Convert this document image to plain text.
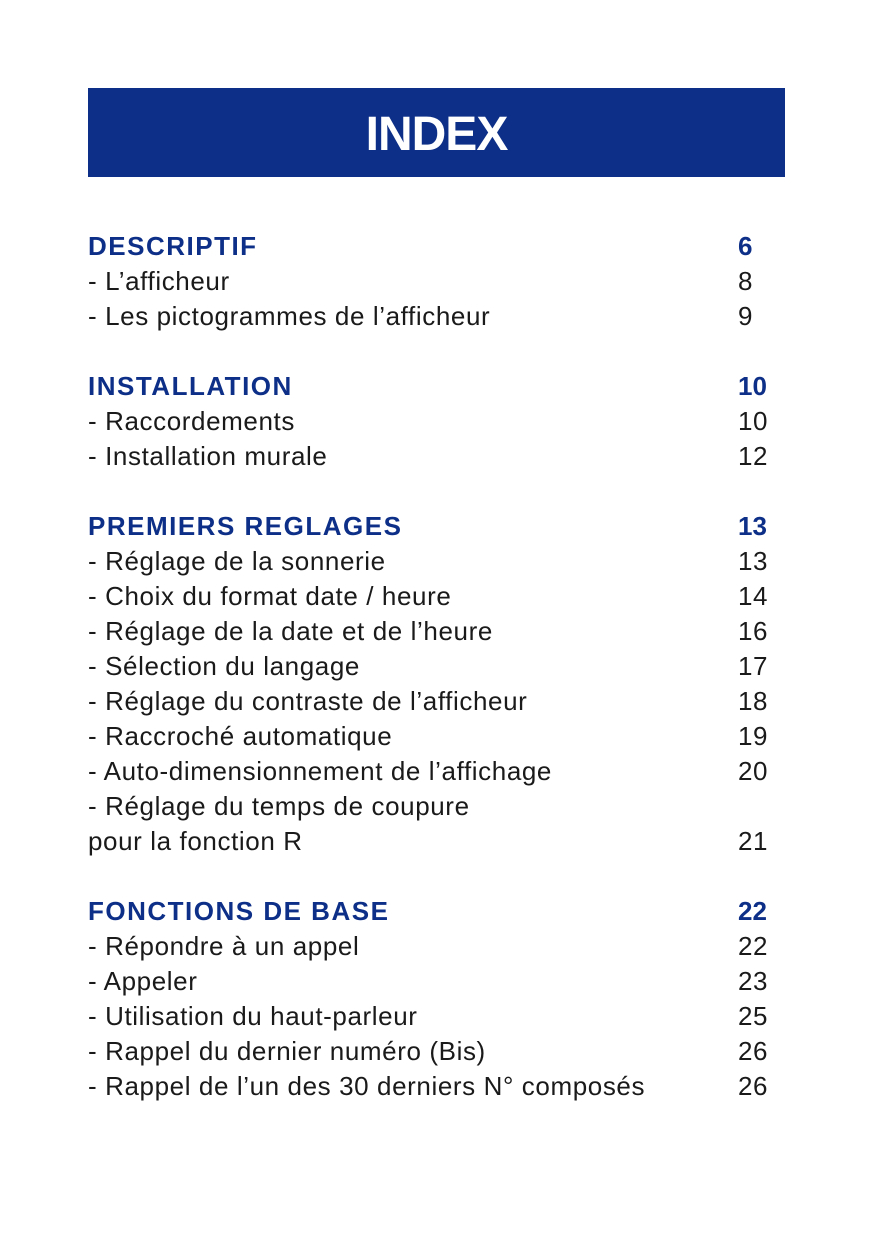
INDEX
DESCRIPTIF	6
- L’afficheur	8
- Les pictogrammes de l’afficheur	9
INSTALLATION	10
- Raccordements	10
- Installation murale	12
PREMIERS REGLAGES	13
- Réglage de la sonnerie	13
- Choix du format date / heure	14
- Réglage de la date et de l’heure	16
- Sélection du langage	17
- Réglage du contraste de l’afficheur	18
- Raccroché automatique	19
- Auto-dimensionnement de l’affichage	20
- Réglage du temps de coupure
pour la fonction R	21
FONCTIONS DE BASE	22
- Répondre à un appel	22
- Appeler	23
- Utilisation du haut-parleur	25
- Rappel du dernier numéro (Bis)	26
- Rappel de l’un des 30 derniers N° composés	26
